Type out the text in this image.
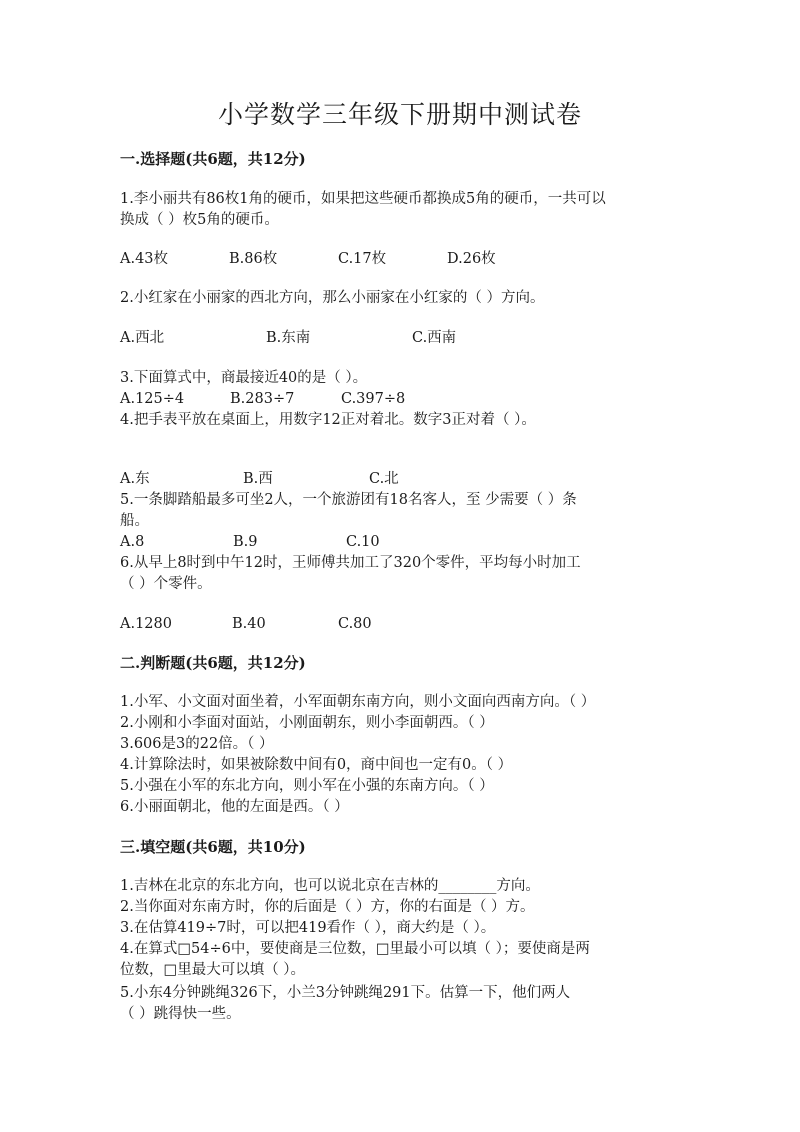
小学数学三年级下册期中测试卷
一.选择题(共6题，共12分)
1.李小丽共有86枚1角的硬币，如果把这些硬币都换成5角的硬币，一共可以
换成（ ）枚5角的硬币。
A.43枚	B.86枚	C.17枚	D.26枚
2.小红家在小丽家的西北方向，那么小丽家在小红家的（ ）方向。
A.西北	B.东南	C.西南
3.下面算式中，商最接近40的是（ ）。
A.125÷4	B.283÷7	C.397÷8
4.把手表平放在桌面上，用数字12正对着北。数字3正对着（ ）。
A.东	B.西	C.北
5.一条脚踏船最多可坐2人，一个旅游团有18名客人，至 少需要（ ）条
船。
A.8	B.9	C.10
6.从早上8时到中午12时，王师傅共加工了320个零件，平均每小时加工
（ ）个零件。
A.1280	B.40	C.80
二.判断题(共6题，共12分)
1.小军、小文面对面坐着，小军面朝东南方向，则小文面向西南方向。（ ）
2.小刚和小李面对面站，小刚面朝东，则小李面朝西。（ ）
3.606是3的22倍。（ ）
4.计算除法时，如果被除数中间有0，商中间也一定有0。（ ）
5.小强在小军的东北方向，则小军在小强的东南方向。（ ）
6.小丽面朝北，他的左面是西。（ ）
三.填空题(共6题，共10分)
1.吉林在北京的东北方向，也可以说北京在吉林的________方向。
2.当你面对东南方时，你的后面是（ ）方，你的右面是（ ）方。
3.在估算419÷7时，可以把419看作（ ），商大约是（ ）。
4.在算式□54÷6中，要使商是三位数，□里最小可以填（ ）；要使商是两
位数，□里最大可以填（ ）。
5.小东4分钟跳绳326下，小兰3分钟跳绳291下。估算一下，他们两人
（ ）跳得快一些。
